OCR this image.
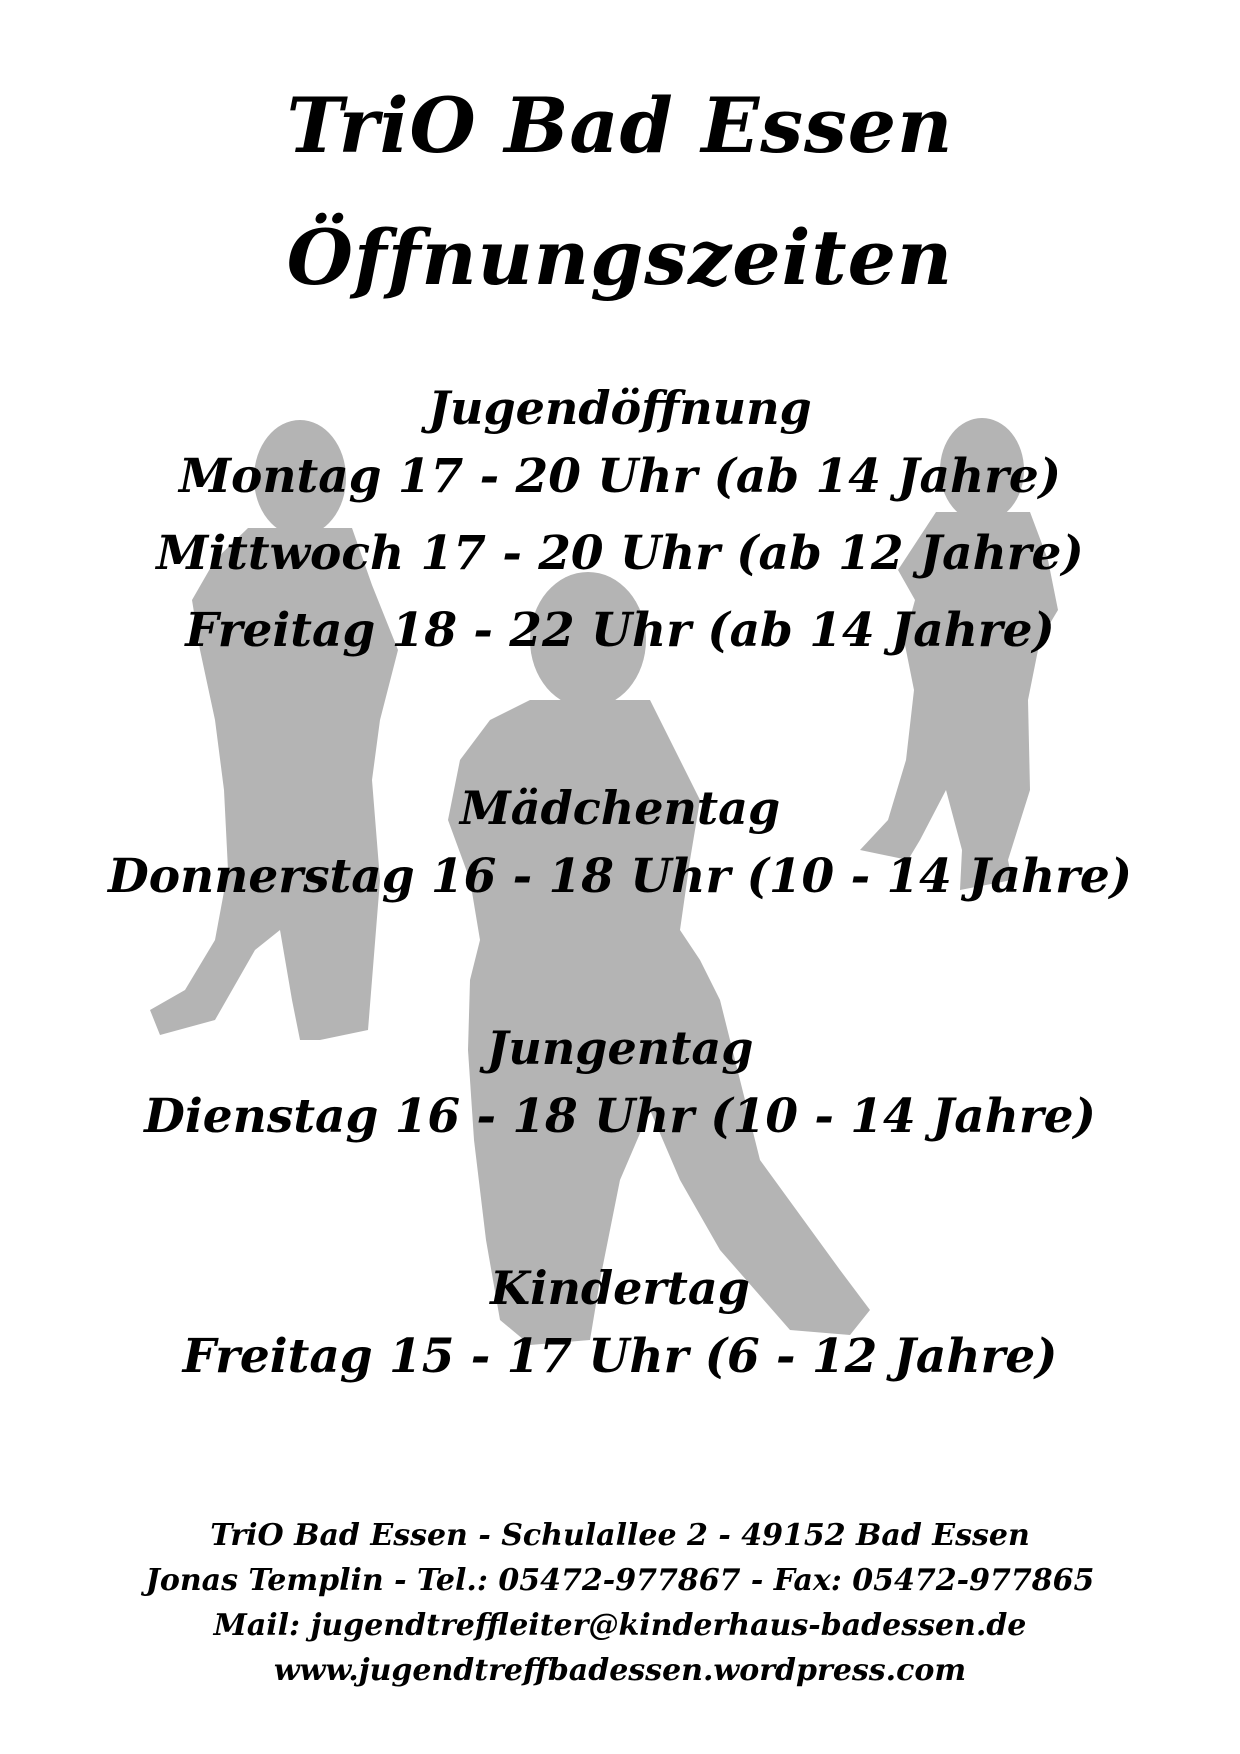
TriO Bad Essen
Öffnungszeiten
Jugendöffnung
Montag 17 - 20 Uhr (ab 14 Jahre)
Mittwoch 17 - 20 Uhr (ab 12 Jahre)
Freitag 18 - 22 Uhr (ab 14 Jahre)
Mädchentag
Donnerstag 16 - 18 Uhr (10 - 14 Jahre)
Jungentag
Dienstag 16 - 18 Uhr (10 - 14 Jahre)
Kindertag
Freitag 15 - 17 Uhr (6 - 12 Jahre)
TriO Bad Essen - Schulallee 2 - 49152 Bad Essen
Jonas Templin - Tel.: 05472-977867 - Fax: 05472-977865
Mail: jugendtreffleiter@kinderhaus-badessen.de
www.jugendtreffbadessen.wordpress.com
